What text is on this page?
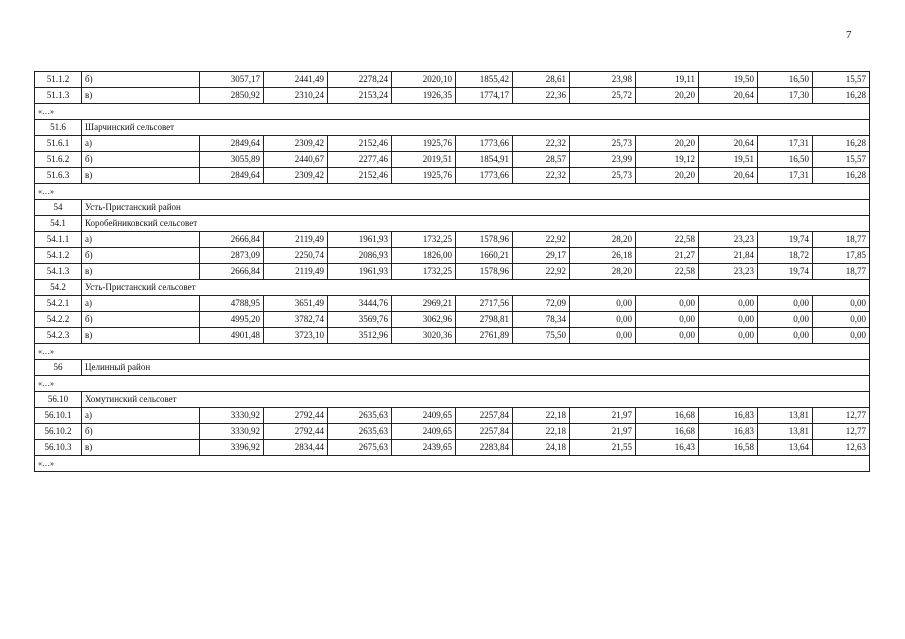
7
51.1.2	б)	3057,17	2441,49	2278,24	2020,10	1855,42	28,61	23,98	19,11	19,50	16,50	15,57
51.1.3	в)	2850,92	2310,24	2153,24	1926,35	1774,17	22,36	25,72	20,20	20,64	17,30	16,28
«…»												
51.6	Шарчинский сельсовет											
51.6.1	а)	2849,64	2309,42	2152,46	1925,76	1773,66	22,32	25,73	20,20	20,64	17,31	16,28
51.6.2	б)	3055,89	2440,67	2277,46	2019,51	1854,91	28,57	23,99	19,12	19,51	16,50	15,57
51.6.3	в)	2849,64	2309,42	2152,46	1925,76	1773,66	22,32	25,73	20,20	20,64	17,31	16,28
«…»												
54	Усть-Пристанский район											
54.1	Коробейниковский сельсовет											
54.1.1	а)	2666,84	2119,49	1961,93	1732,25	1578,96	22,92	28,20	22,58	23,23	19,74	18,77
54.1.2	б)	2873,09	2250,74	2086,93	1826,00	1660,21	29,17	26,18	21,27	21,84	18,72	17,85
54.1.3	в)	2666,84	2119,49	1961,93	1732,25	1578,96	22,92	28,20	22,58	23,23	19,74	18,77
54.2	Усть-Пристанский сельсовет											
54.2.1	а)	4788,95	3651,49	3444,76	2969,21	2717,56	72,09	0,00	0,00	0,00	0,00	0,00
54.2.2	б)	4995,20	3782,74	3569,76	3062,96	2798,81	78,34	0,00	0,00	0,00	0,00	0,00
54.2.3	в)	4901,48	3723,10	3512,96	3020,36	2761,89	75,50	0,00	0,00	0,00	0,00	0,00
«…»												
56	Целинный район											
«…»												
56.10	Хомутинский сельсовет											
56.10.1	а)	3330,92	2792,44	2635,63	2409,65	2257,84	22,18	21,97	16,68	16,83	13,81	12,77
56.10.2	б)	3330,92	2792,44	2635,63	2409,65	2257,84	22,18	21,97	16,68	16,83	13,81	12,77
56.10.3	в)	3396,92	2834,44	2675,63	2439,65	2283,84	24,18	21,55	16,43	16,58	13,64	12,63
«…»												
